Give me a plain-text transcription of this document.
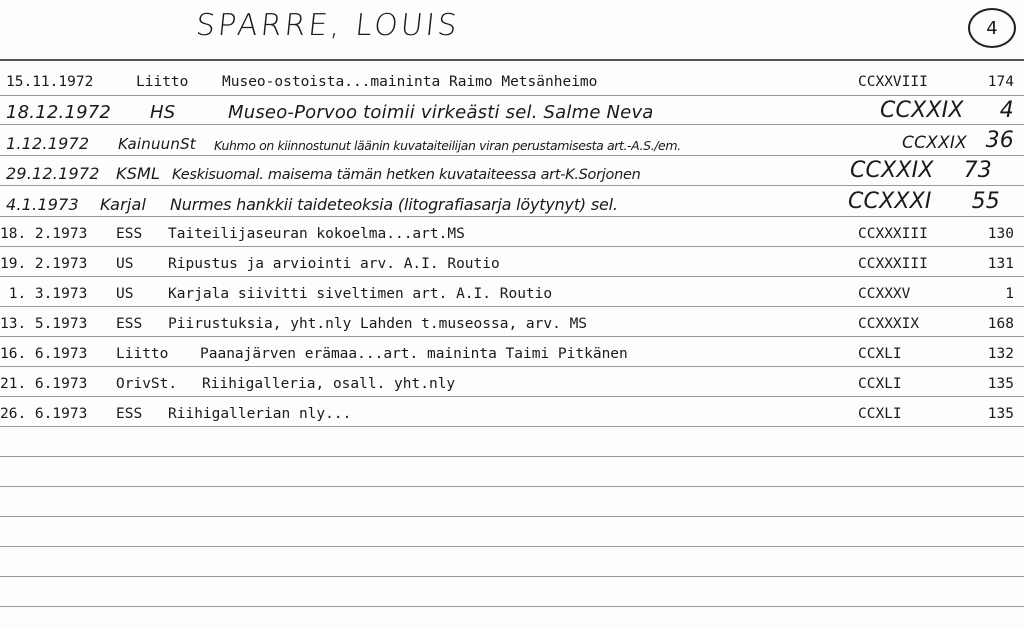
SPARRE, LOUIS	4
15.11.1972	Liitto Museo-ostoista...maininta Raimo Metsänheimo	CCXXVIII	174
18.12.1972 HS	Museo-Porvoo toimii virkeästi sel. Salme Neva	CCXXIX 4
1.12.1972 KainuunSt Kuhmo on kiinnostunut läänin kuvataiteilijan viran perustamisesta art.-A.S./em.	CCXXIX 36
29.12.1972 KSML Keskisuomal. maisema tämän hetken kuvataiteessa art-K.Sorjonen	CCXXIX 73
4.1.1973 Karjal Nurmes hankkii taideteoksia (litografiasarja löytynyt) sel.	CCXXXI 55
18. 2.1973 ESS Taiteilijaseuran kokoelma...art.MS	CCXXXIII	130
19. 2.1973 US Ripustus ja arviointi arv. A.I. Routio	CCXXXIII	131
1. 3.1973 US Karjala siivitti siveltimen art. A.I. Routio	CCXXXV	1
13. 5.1973 ESS Piirustuksia, yht.nly Lahden t.museossa, arv. MS	CCXXXIX	168
16. 6.1973 Liitto Paanajärven erämaa...art. maininta Taimi Pitkänen	CCXLI	132
21. 6.1973 OrivSt. Riihigalleria, osall. yht.nly	CCXLI	135
26. 6.1973 ESS Riihigallerian nly...	CCXLI	135
